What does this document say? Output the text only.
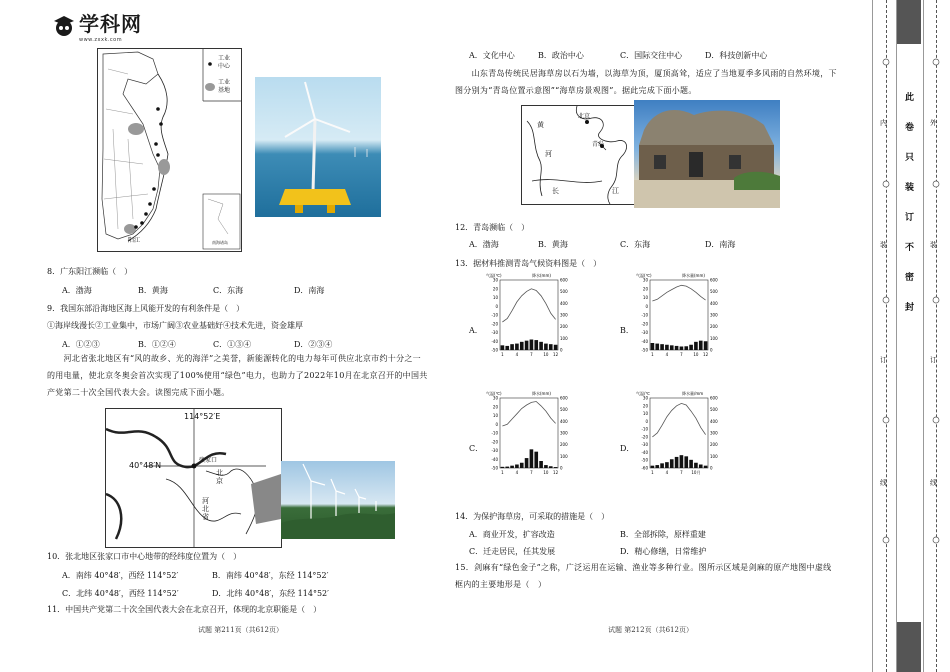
学科网
www.zxxk.com
工业
中心
工业
基地
阳江	南海诸岛
8．广东阳江濒临（　）
A．渤海	B．黄海	C．东海	D．南海
9．我国东部沿海地区海上风能开发的有利条件是（　）
①海岸线漫长②工业集中，市场广阔③农业基础好④技术先进，资金雄厚
A．①②③	B．①②④	C．①③④	D．②③④
　　河北省张北地区有“风的故乡、光的海洋”之美誉，新能源转化的电力每年可供应北京市约十分之一
的用电量，使北京冬奥会首次实现了100%使用“绿色”电力，也助力了2022年10月在北京召开的中国共
产党第二十次全国代表大会。读图完成下面小题。
114°52′E
40°48′N
张家口
北
京
河
北
省
10．张北地区张家口市中心地带的经纬度位置为（　）
A．南纬 40°48′，西经 114°52′	B．南纬 40°48′，东经 114°52′
C．北纬 40°48′，西经 114°52′	D．北纬 40°48′，东经 114°52′
11．中国共产党第二十次全国代表大会在北京召开，体现的北京职能是（　）
A．文化中心	B．政治中心	C．国际交往中心	D．科技创新中心
　　山东青岛传统民居海草房以石为墙，以海草为顶，厦顶高耸，适应了当地夏季多风雨的自然环境，下
图分别为“青岛位置示意图”“海草房景观图”。据此完成下面小题。
黄
河
北京
青岛
长	江
12．青岛濒临（　）
A．渤海	B．黄海	C．东海	D．南海
13．据材料推测青岛气候资料图是（　）
A．	B．
C．	D．
气温(℃)	降水(mm)
30
20
10
0
-10
-20
-30
-40
-50
600
500
400
300
200
100
0
1	4	7	10 12
气温(℃)	降水量(mm)
30
20
10
0
-10
-20
-30
-40
-50
600
500
400
300
200
100
0
1	4	7	10 12
气温(℃)	降水(mm)
30
20
10
0
-10
-20
-30
-40
-50
600
500
400
300
200
100
0
1	4	7	10 12
气温/℃	降水量/mm
30
20
10
0
-10
-20
-30
-40
-50
-60
600
500
400
300
200
100
0
1	4	7 10月
14．为保护海草房，可采取的措施是（　）
A．商业开发，扩容改造	B．全部拆除，原样重建
C．迁走居民，任其发展	D．精心修缮，日常维护
15．剑麻有“绿色金子”之称，广泛运用在运输、渔业等多种行业。图所示区域是剑麻的原产地图中虚线
框内的主要地形是（　）
试题 第211页（共612页）	试题 第212页（共612页）
内
装
订
线
外
装
订
线
此
卷
只
装
订
不
密
封
